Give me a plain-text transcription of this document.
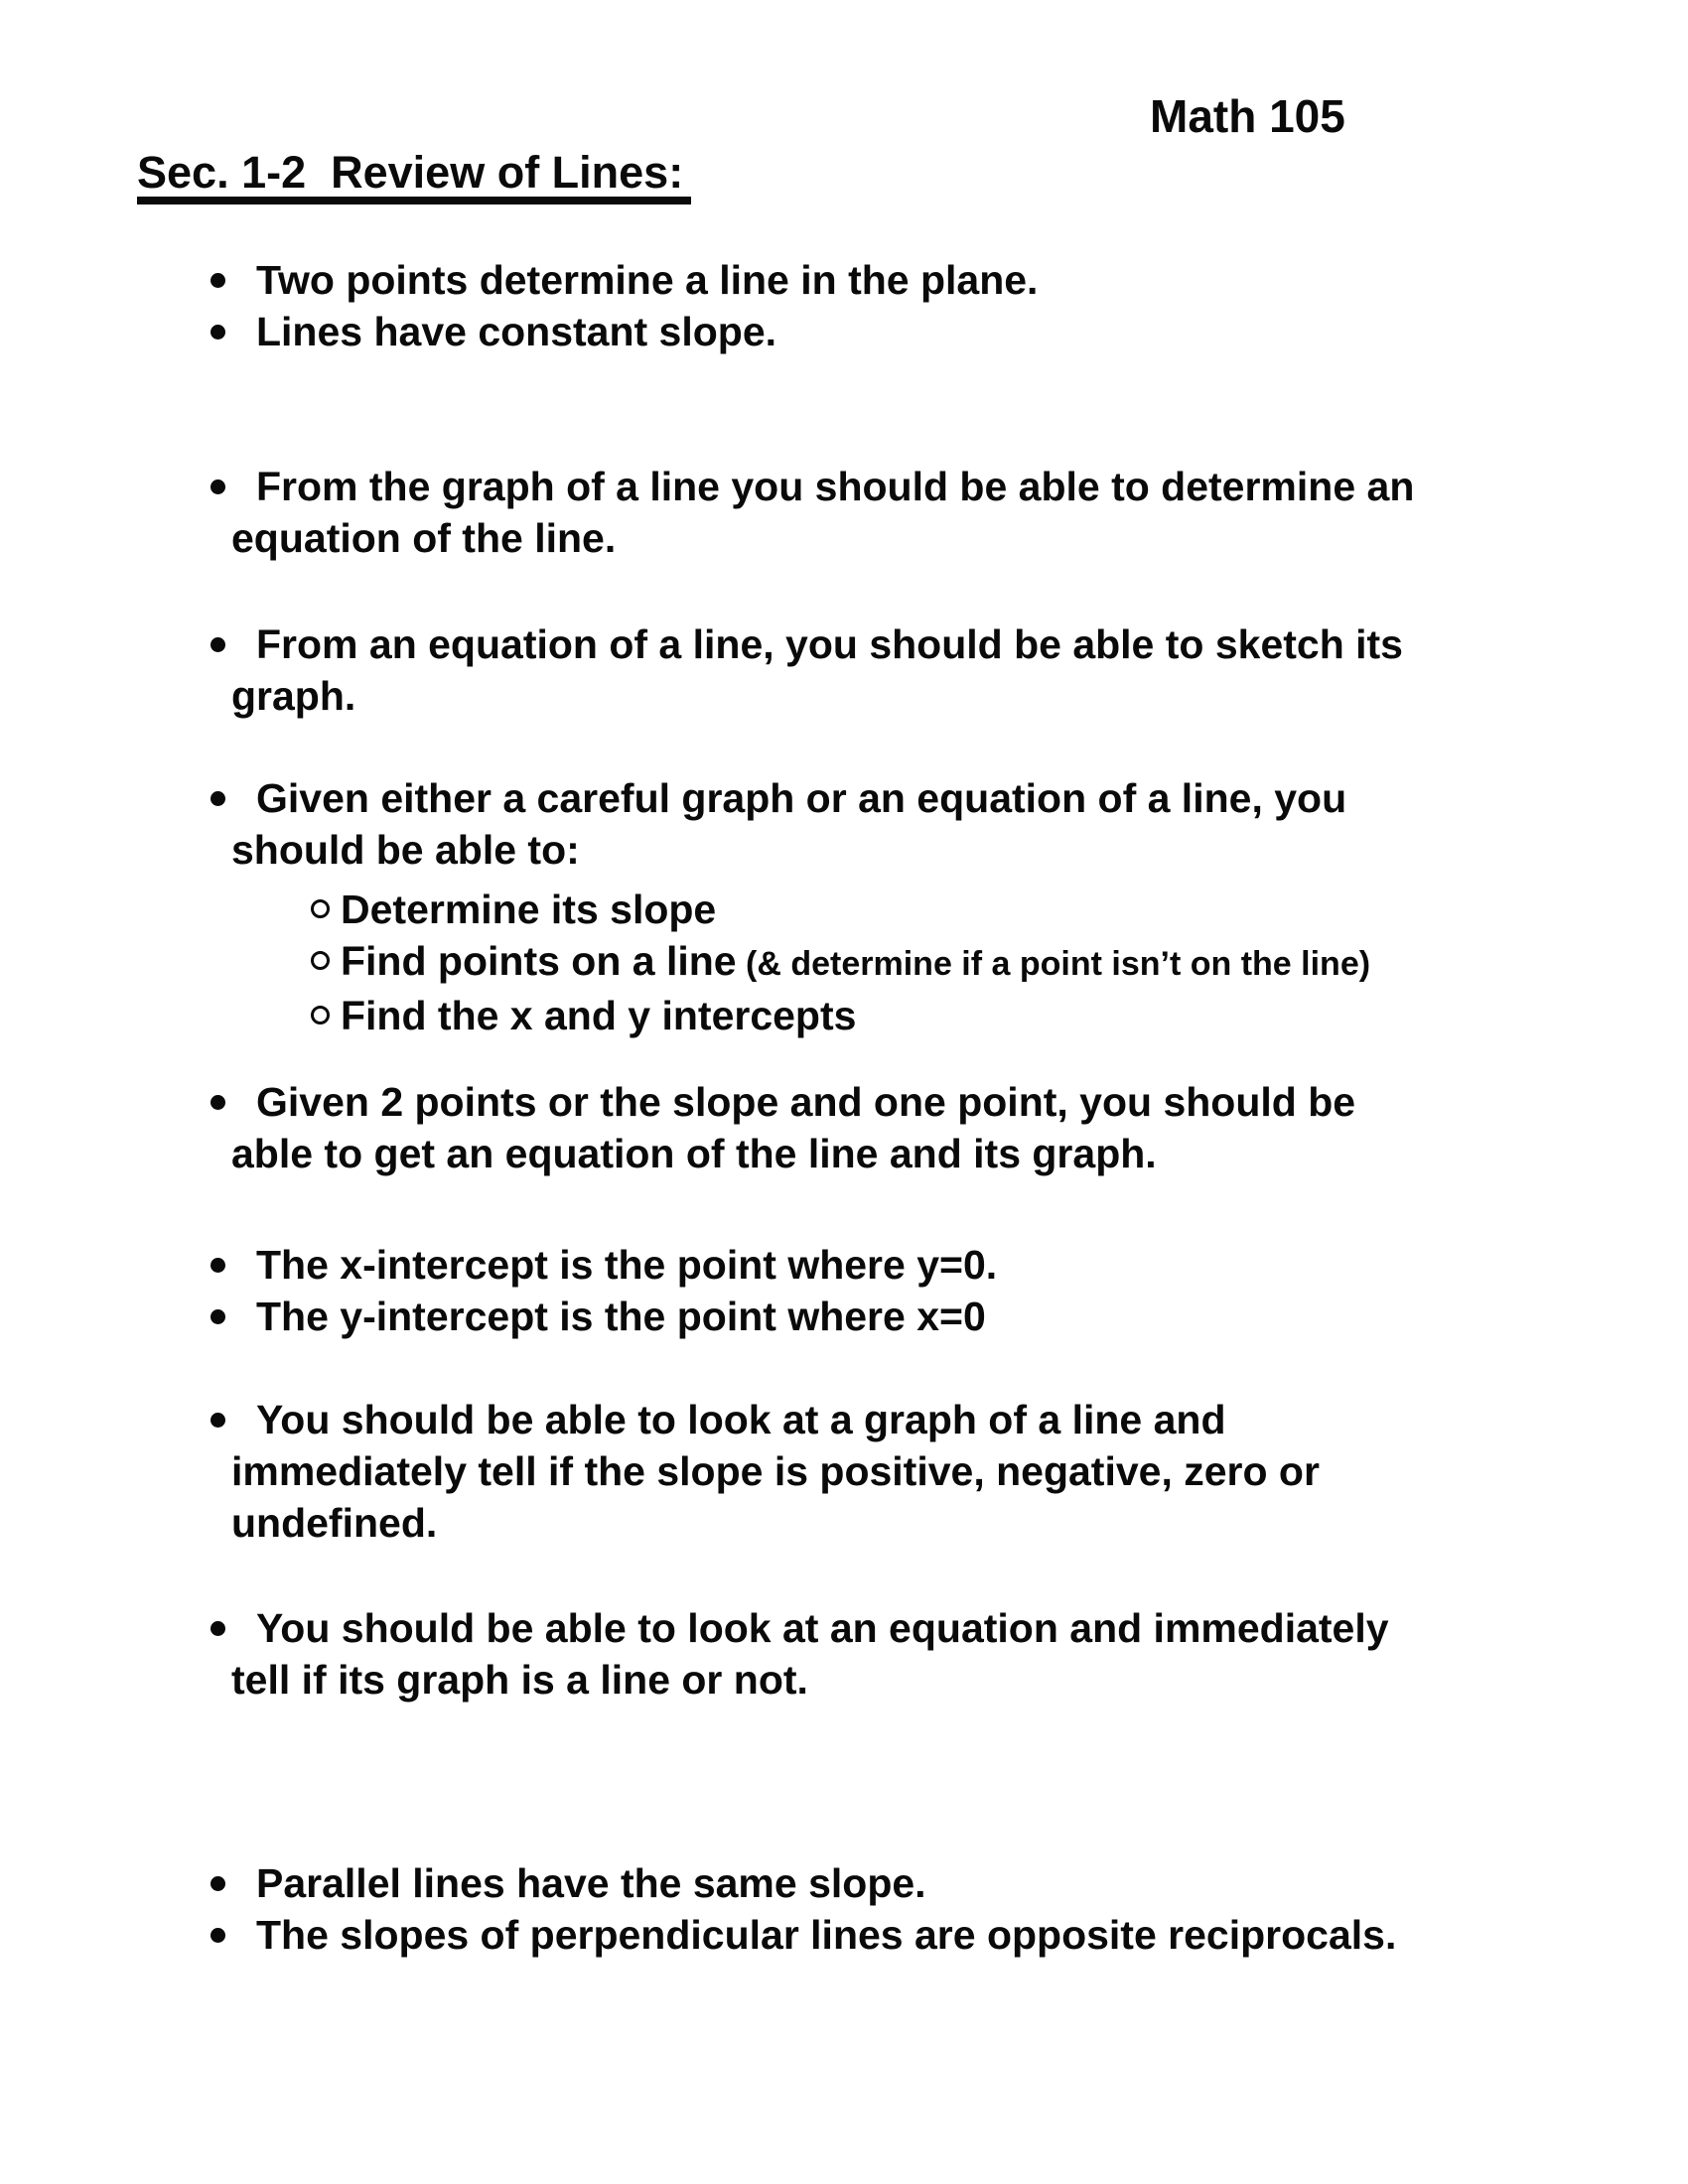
Math 105
Sec. 1-2  Review of Lines:
Two points determine a line in the plane.
Lines have constant slope.
From the graph of a line you should be able to determine an
equation of the line.
From an equation of a line, you should be able to sketch its
graph.
Given either a careful graph or an equation of a line, you
should be able to:
Determine its slope
Find points on a line (& determine if a point isn’t on the line)
Find the x and y intercepts
Given 2 points or the slope and one point, you should be
able to get an equation of the line and its graph.
The x-intercept is the point where y=0.
The y-intercept is the point where x=0
You should be able to look at a graph of a line and
immediately tell if the slope is positive, negative, zero or
undefined.
You should be able to look at an equation and immediately
tell if its graph is a line or not.
Parallel lines have the same slope.
The slopes of perpendicular lines are opposite reciprocals.
